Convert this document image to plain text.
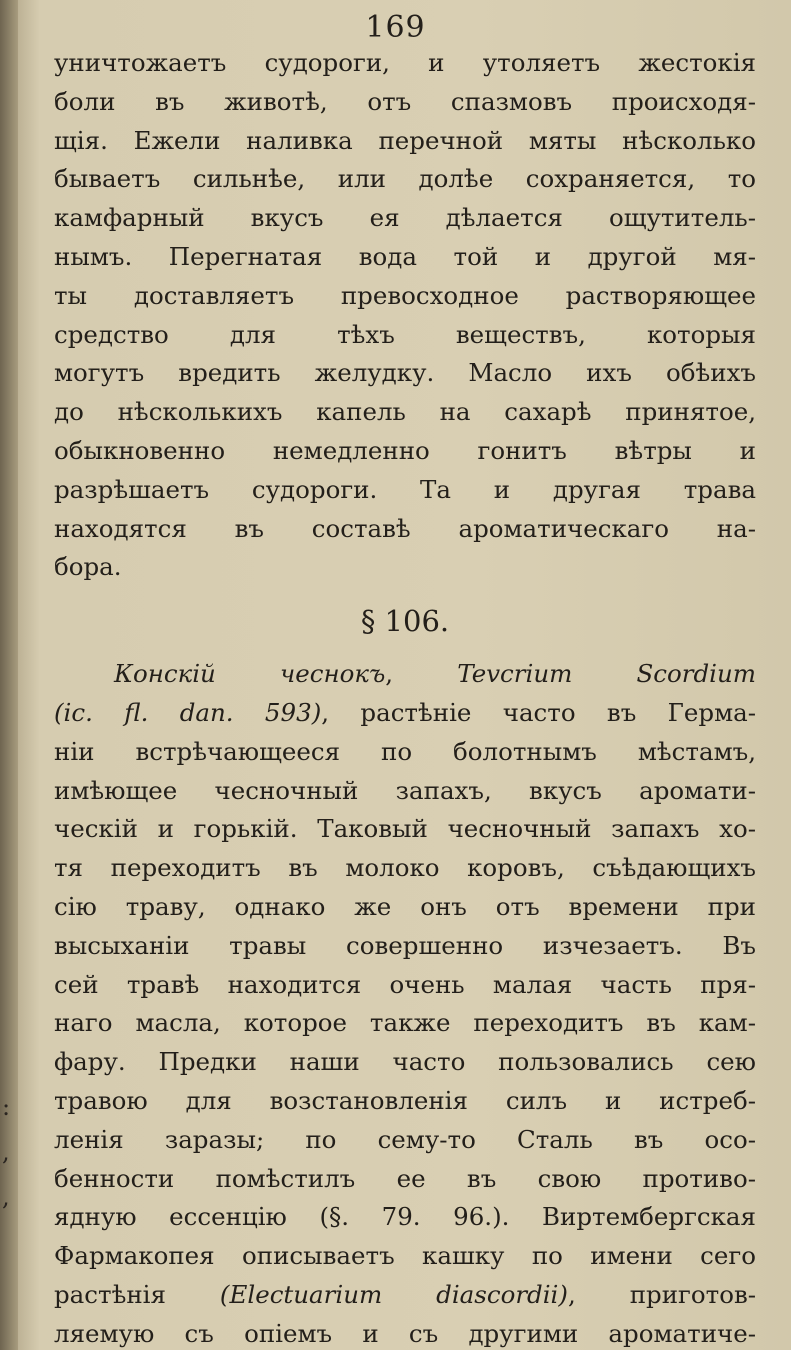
:
,
,
169
уничтожаетъ судороги, и утоляетъ жестокія
боли въ животѣ, отъ спазмовъ происходя-
щія. Ежели наливка перечной мяты нѣсколько
бываетъ сильнѣе, или долѣе сохраняется, то
камфарный вкусъ ея дѣлается ощутитель-
нымъ. Перегнатая вода той и другой мя-
ты доставляетъ превосходное растворяющее
средство для тѣхъ веществъ, которыя
могутъ вредить желудку. Масло ихъ обѣихъ
до нѣсколькихъ капель на сахарѣ принятое,
обыкновенно немедленно гонитъ вѣтры и
разрѣшаетъ судороги. Та и другая трава
находятся въ составѣ ароматическаго на-
бора.
§ 106.
Конскій чеснокъ, Tevcrium Scordium
(ic. fl. dan. 593), растѣніе часто въ Герма-
ніи встрѣчающееся по болотнымъ мѣстамъ,
имѣющее чесночный запахъ, вкусъ аромати-
ческій и горькій. Таковый чесночный запахъ хо-
тя переходитъ въ молоко коровъ, съѣдающихъ
сію траву, однако же онъ отъ времени при
высыханіи травы совершенно изчезаетъ. Въ
сей травѣ находится очень малая часть пря-
наго масла, которое также переходитъ въ кам-
фару. Предки наши часто пользовались сею
травою для возстановленія силъ и истреб-
ленія заразы; по сему-то Сталь въ осо-
бенности помѣстилъ ее въ свою противо-
ядную ессенцію (§. 79. 96.). Виртембергская
Фармакопея описываетъ кашку по имени сего
растѣнія (Electuarium diascordii), приготов-
ляемую съ опіемъ и съ другими ароматиче-
